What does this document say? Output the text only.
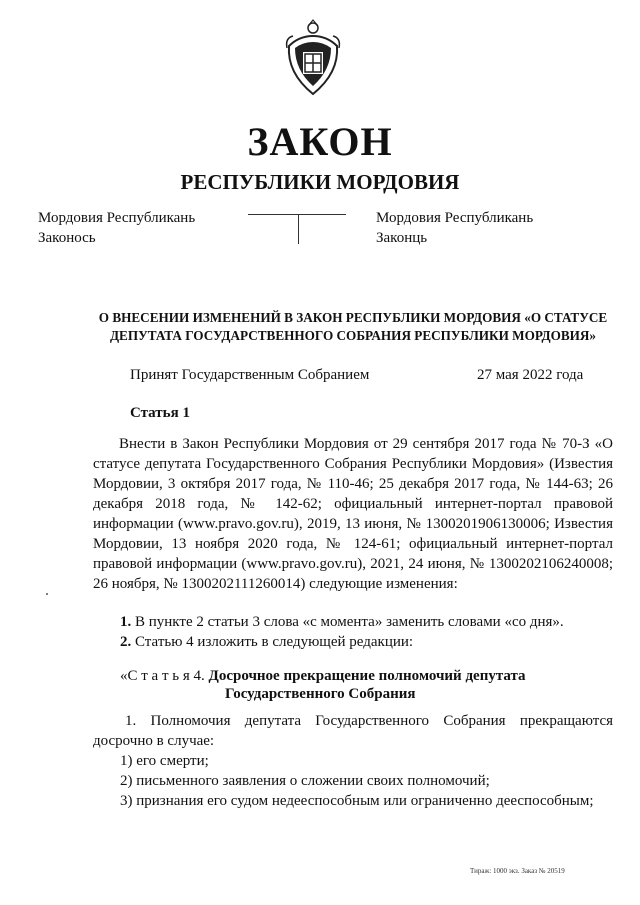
ЗАКОН
РЕСПУБЛИКИ МОРДОВИЯ
Мордовия Республикань
Законось
Мордовия Республикань
Законць
О ВНЕСЕНИИ ИЗМЕНЕНИЙ В ЗАКОН РЕСПУБЛИКИ МОРДОВИЯ «О СТАТУСЕ
ДЕПУТАТА ГОСУДАРСТВЕННОГО СОБРАНИЯ РЕСПУБЛИКИ МОРДОВИЯ»
Принят Государственным Собранием	27 мая 2022 года
Статья 1
Внести в Закон Республики Мордовия от 29 сентября 2017 года № 70-З «О статусе депутата Государственного Собрания Республики Мордовия» (Известия Мордовии, 3 октября 2017 года, № 110-46; 25 декабря 2017 года, № 144-63; 26 декабря 2018 года, № 142-62; официальный интернет-портал правовой информации (www.pravo.gov.ru), 2019, 13 июня, № 1300201906130006; Известия Мордовии, 13 ноября 2020 года, № 124-61; официальный интернет-портал правовой информации (www.pravo.gov.ru), 2021, 24 июня, № 1300202106240008; 26 ноября, № 1300202111260014) следующие изменения:
1. В пункте 2 статьи 3 слова «с момента» заменить словами «со дня».
2. Статью 4 изложить в следующей редакции:
«С т а т ь я 4. Досрочное прекращение полномочий депутата
Государственного Собрания
1. Полномочия депутата Государственного Собрания прекращаются досрочно в случае:
1) его смерти;
2) письменного заявления о сложении своих полномочий;
3) признания его судом недееспособным или ограниченно дееспособным;
Тираж: 1000 экз. Заказ № 20519
